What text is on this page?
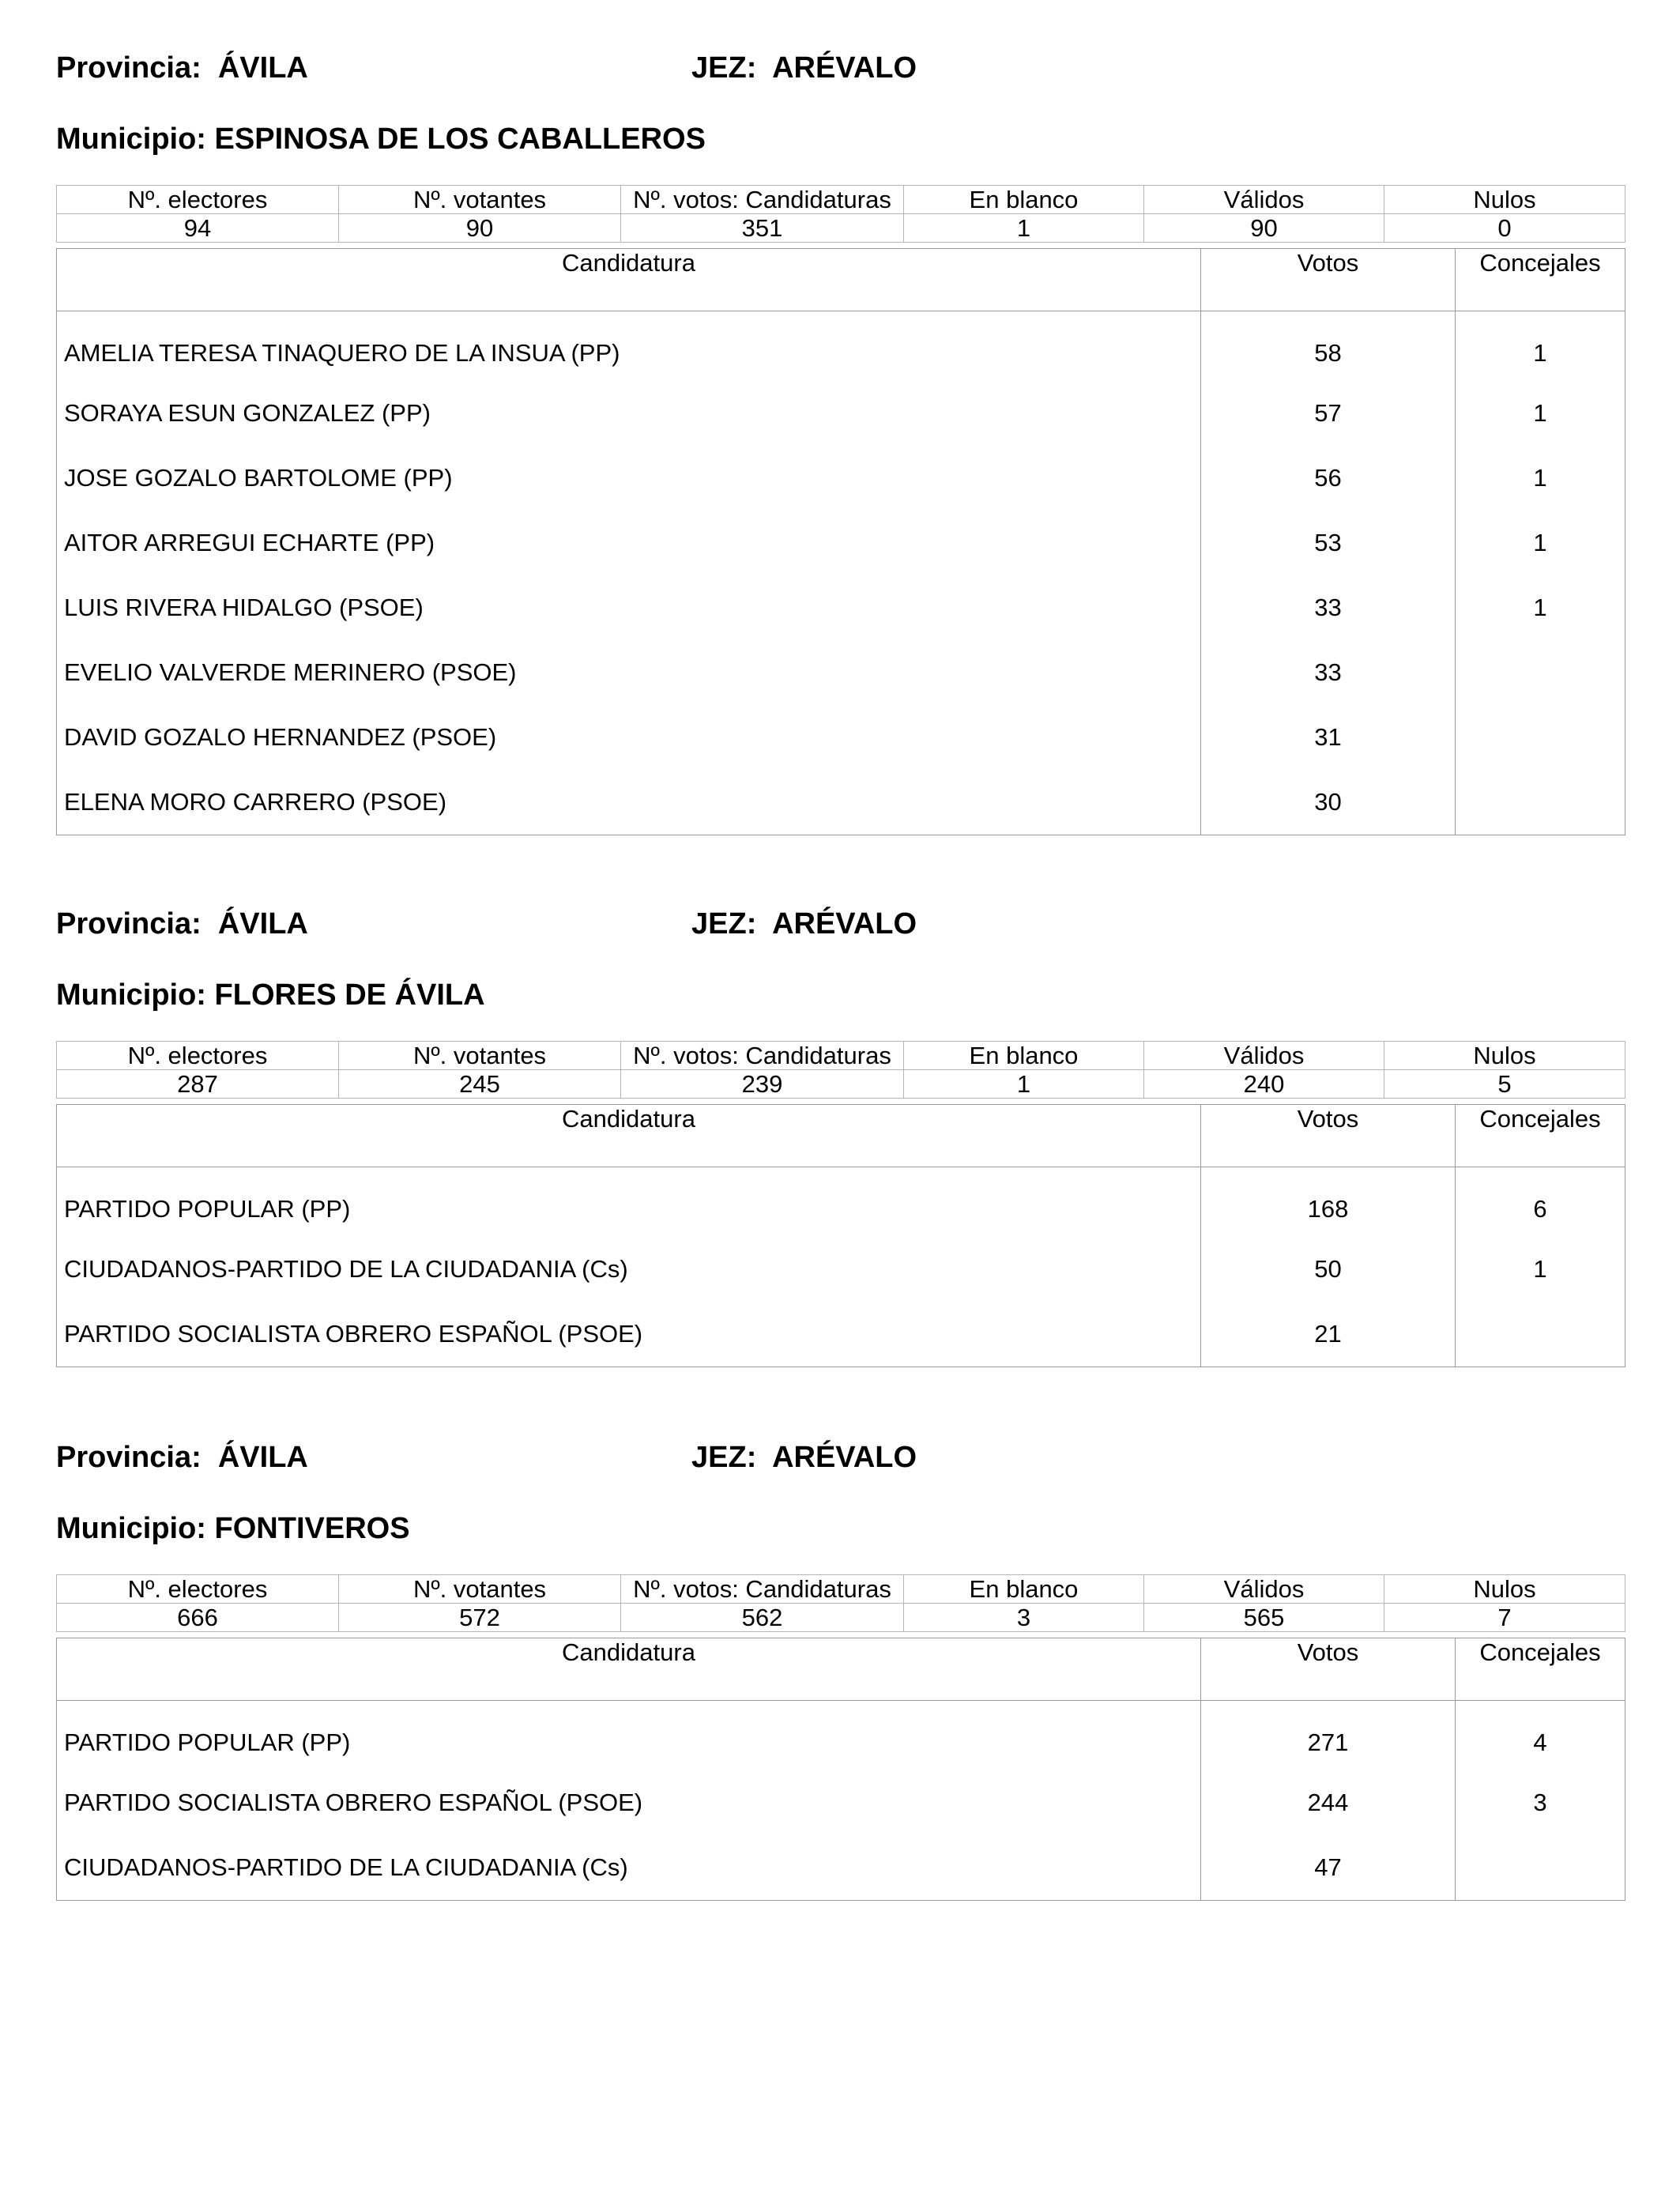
Provincia: ÁVILA	JEZ: ARÉVALO
Municipio: ESPINOSA DE LOS CABALLEROS
Nº. electores	Nº. votantes	Nº. votos: Candidaturas	En blanco	Válidos	Nulos
94	90	351	1	90	0
Candidatura	Votos	Concejales
AMELIA TERESA TINAQUERO DE LA INSUA (PP)	58	1
SORAYA ESUN GONZALEZ (PP)	57	1
JOSE GOZALO BARTOLOME (PP)	56	1
AITOR ARREGUI ECHARTE (PP)	53	1
LUIS RIVERA HIDALGO (PSOE)	33	1
EVELIO VALVERDE MERINERO (PSOE)	33	
DAVID GOZALO HERNANDEZ (PSOE)	31	
ELENA MORO CARRERO (PSOE)	30	
Provincia: ÁVILA	JEZ: ARÉVALO
Municipio: FLORES DE ÁVILA
Nº. electores	Nº. votantes	Nº. votos: Candidaturas	En blanco	Válidos	Nulos
287	245	239	1	240	5
Candidatura	Votos	Concejales
PARTIDO POPULAR (PP)	168	6
CIUDADANOS-PARTIDO DE LA CIUDADANIA (Cs)	50	1
PARTIDO SOCIALISTA OBRERO ESPAÑOL (PSOE)	21	
Provincia: ÁVILA	JEZ: ARÉVALO
Municipio: FONTIVEROS
Nº. electores	Nº. votantes	Nº. votos: Candidaturas	En blanco	Válidos	Nulos
666	572	562	3	565	7
Candidatura	Votos	Concejales
PARTIDO POPULAR (PP)	271	4
PARTIDO SOCIALISTA OBRERO ESPAÑOL (PSOE)	244	3
CIUDADANOS-PARTIDO DE LA CIUDADANIA (Cs)	47	
